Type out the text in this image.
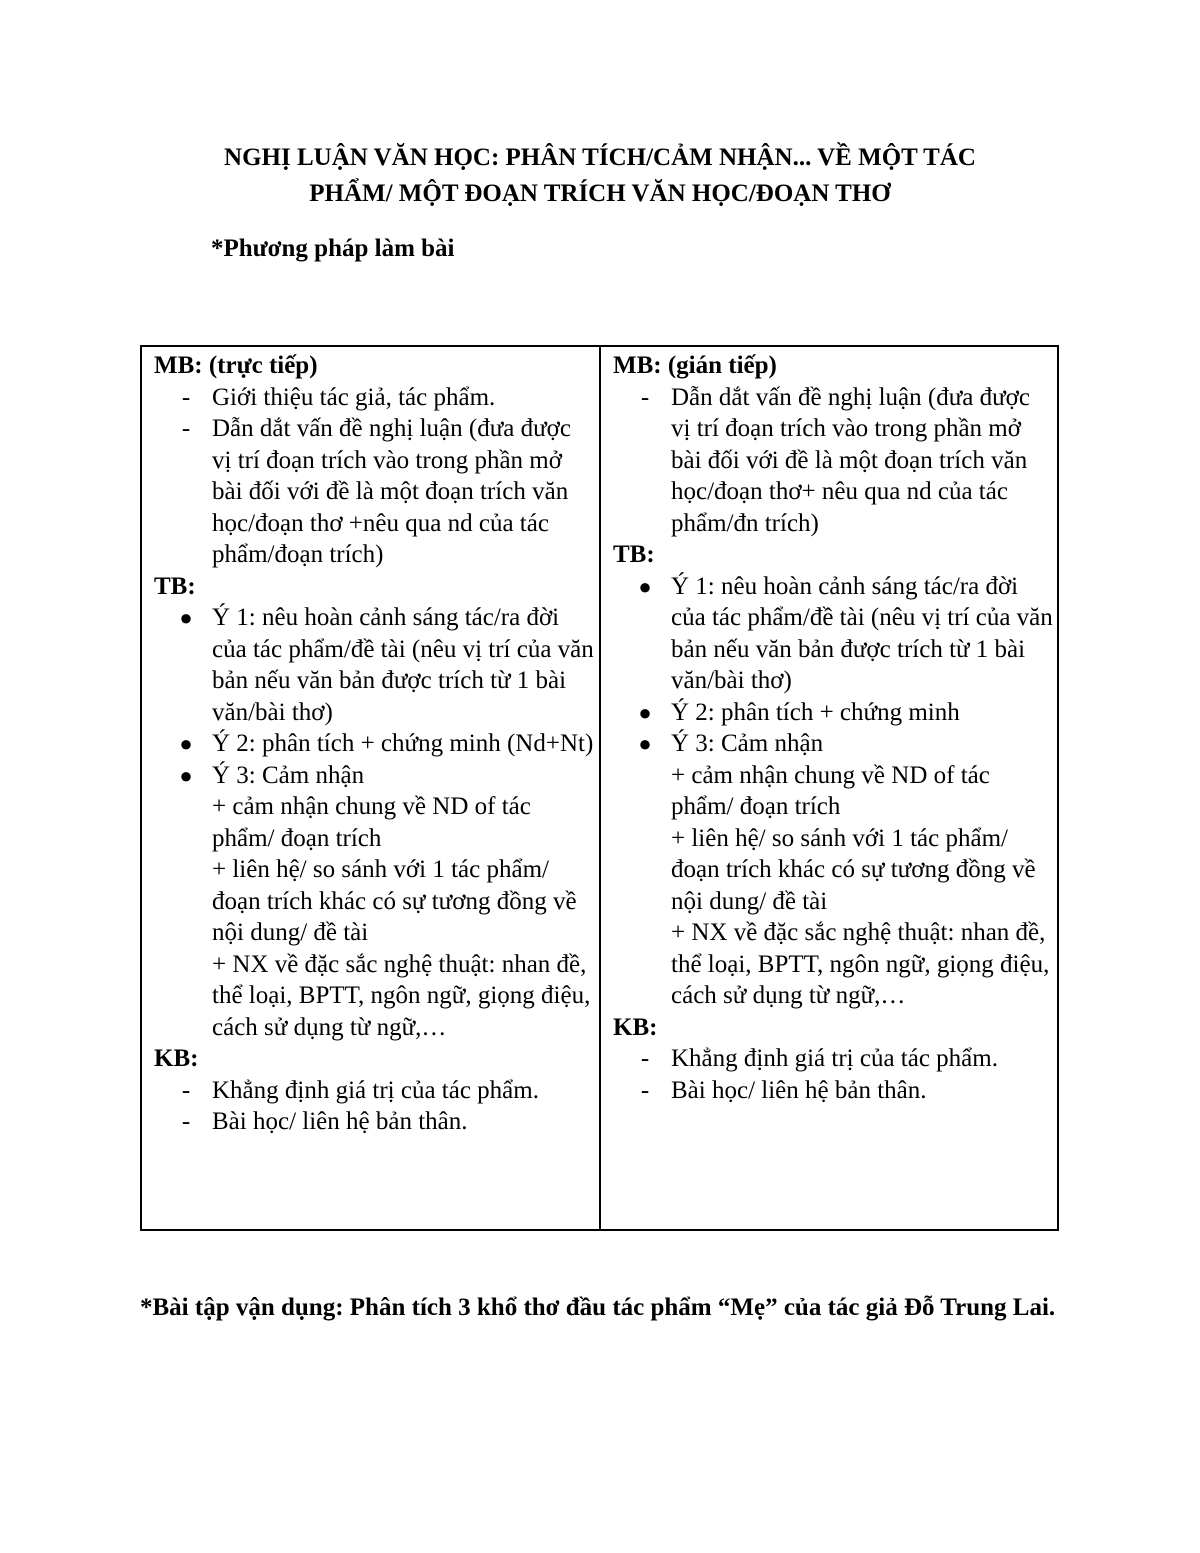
NGHỊ LUẬN VĂN HỌC: PHÂN TÍCH/CẢM NHẬN... VỀ MỘT TÁC
PHẨM/ MỘT ĐOẠN TRÍCH VĂN HỌC/ĐOẠN THƠ
*Phương pháp làm bài
MB: (trực tiếp)
- Giới thiệu tác giả, tác phẩm.
- Dẫn dắt vấn đề nghị luận (đưa được vị trí đoạn trích vào trong phần mở bài đối với đề là một đoạn trích văn học/đoạn thơ +nêu qua nd của tác phẩm/đoạn trích)
TB:
● Ý 1: nêu hoàn cảnh sáng tác/ra đời của tác phẩm/đề tài (nêu vị trí của văn bản nếu văn bản được trích từ 1 bài văn/bài thơ)
● Ý 2: phân tích + chứng minh (Nd+Nt)
● Ý 3: Cảm nhận
+ cảm nhận chung về ND of tác phẩm/ đoạn trích
+ liên hệ/ so sánh với 1 tác phẩm/ đoạn trích khác có sự tương đồng về nội dung/ đề tài
+ NX về đặc sắc nghệ thuật: nhan đề, thể loại, BPTT, ngôn ngữ, giọng điệu, cách sử dụng từ ngữ,…
KB:
- Khẳng định giá trị của tác phẩm.
- Bài học/ liên hệ bản thân.
MB: (gián tiếp)
- Dẫn dắt vấn đề nghị luận (đưa được vị trí đoạn trích vào trong phần mở bài đối với đề là một đoạn trích văn học/đoạn thơ+ nêu qua nd của tác phẩm/đn trích)
TB:
● Ý 1: nêu hoàn cảnh sáng tác/ra đời của tác phẩm/đề tài (nêu vị trí của văn bản nếu văn bản được trích từ 1 bài văn/bài thơ)
● Ý 2: phân tích + chứng minh
● Ý 3: Cảm nhận
+ cảm nhận chung về ND of tác phẩm/ đoạn trích
+ liên hệ/ so sánh với 1 tác phẩm/ đoạn trích khác có sự tương đồng về nội dung/ đề tài
+ NX về đặc sắc nghệ thuật: nhan đề, thể loại, BPTT, ngôn ngữ, giọng điệu, cách sử dụng từ ngữ,…
KB:
- Khẳng định giá trị của tác phẩm.
- Bài học/ liên hệ bản thân.
*Bài tập vận dụng: Phân tích 3 khổ thơ đầu tác phẩm “Mẹ” của tác giả Đỗ Trung Lai.
